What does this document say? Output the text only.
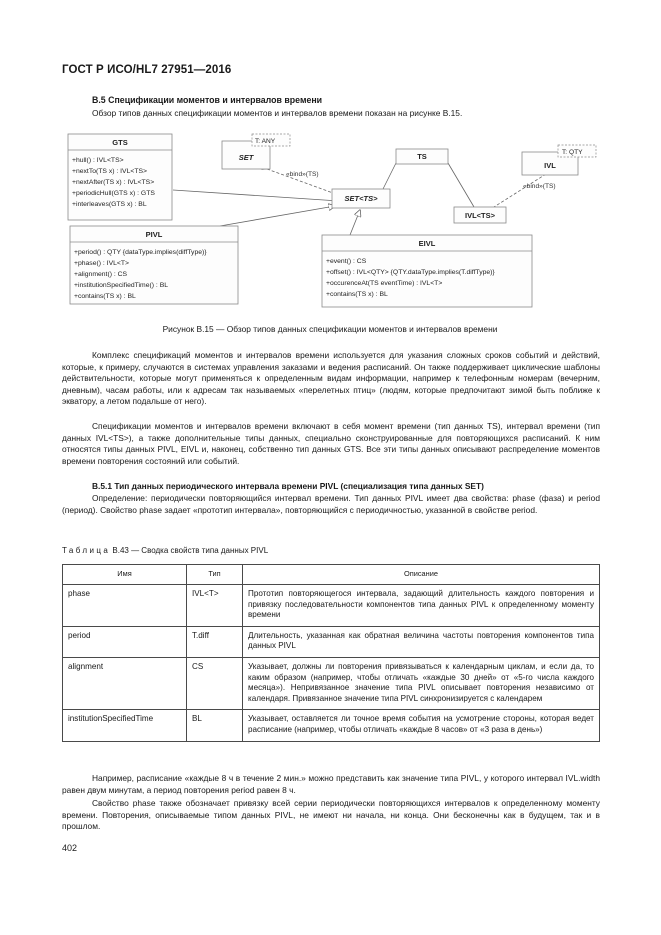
ГОСТ Р ИСО/HL7 27951—2016
B.5 Спецификации моментов и интервалов времени
Обзор типов данных спецификации моментов и интервалов времени показан на рисунке B.15.
GTS
+hull() : IVL<TS>
+nextTo(TS x) : IVL<TS>
+nextAfter(TS x) : IVL<TS>
+periodicHull(GTS x) : GTS
+interleaves(GTS x) : BL
T: ANY
SET	TS	T: QTY
IVL
«bind»(TS)
«bind»(TS)
SET<TS>
IVL<TS>
PIVL
+period() : QTY {dataType.implies(diffType)}
+phase() : IVL<T>
+alignment() : CS
+institutionSpecifiedTime() : BL
+contains(TS x) : BL
EIVL
+event() : CS
+offset() : IVL<QTY> {QTY.dataType.implies(T.diffType)}
+occurenceAt(TS eventTime) : IVL<T>
+contains(TS x) : BL
Рисунок B.15 — Обзор типов данных спецификации моментов и интервалов времени
Комплекс спецификаций моментов и интервалов времени используется для указания сложных сроков событий и действий, которые, к примеру, случаются в системах управления заказами и ведения расписаний. Он также поддерживает циклические шаблоны действительности, которые могут применяться к определенным видам информации, например к телефонным номерам (вечерним, дневным), часам работы, или к адресам так называемых «перелетных птиц» (людям, которые предпочитают зимой быть поближе к экватору, а летом подальше от него).
Спецификации моментов и интервалов времени включают в себя момент времени (тип данных TS), интервал времени (тип данных IVL<TS>), а также дополнительные типы данных, специально сконструированные для повторяющихся расписаний. К ним относятся типы данных PIVL, EIVL и, наконец, собственно тип данных GTS. Все эти типы данных описывают распределение моментов времени повторения состояний или событий.
B.5.1 Тип данных периодического интервала времени PIVL (специализация типа данных SET)
Определение: периодически повторяющийся интервал времени. Тип данных PIVL имеет два свойства: phase (фаза) и period (период). Свойство phase задает «прототип интервала», повторяющийся с периодичностью, указанной в свойстве period.
Таблица B.43 — Сводка свойств типа данных PIVL
Имя	Тип	Описание
phase	IVL<T>	Прототип повторяющегося интервала, задающий длительность каждого повторения и привязку последовательности компонентов типа данных PIVL к определенному моменту времени
period	T.diff	Длительность, указанная как обратная величина частоты повторения компонентов типа данных PIVL
alignment	CS	Указывает, должны ли повторения привязываться к календарным циклам, и если да, то каким образом (например, чтобы отличать «каждые 30 дней» от «5-го числа каждого месяца»). Непривязанное значение типа PIVL описывает повторения независимо от календаря. Привязанное значение типа PIVL синхронизируется с календарем
institutionSpecifiedTime	BL	Указывает, оставляется ли точное время события на усмотрение стороны, которая ведет расписание (например, чтобы отличать «каждые 8 часов» от «3 раза в день»)
Например, расписание «каждые 8 ч в течение 2 мин.» можно представить как значение типа PIVL, у которого интервал IVL.width равен двум минутам, а период повторения period равен 8 ч.
Свойство phase также обозначает привязку всей серии периодически повторяющихся интервалов к определенному моменту времени. Повторения, описываемые типом данных PIVL, не имеют ни начала, ни конца. Они бесконечны как в будущем, так и в прошлом.
402
